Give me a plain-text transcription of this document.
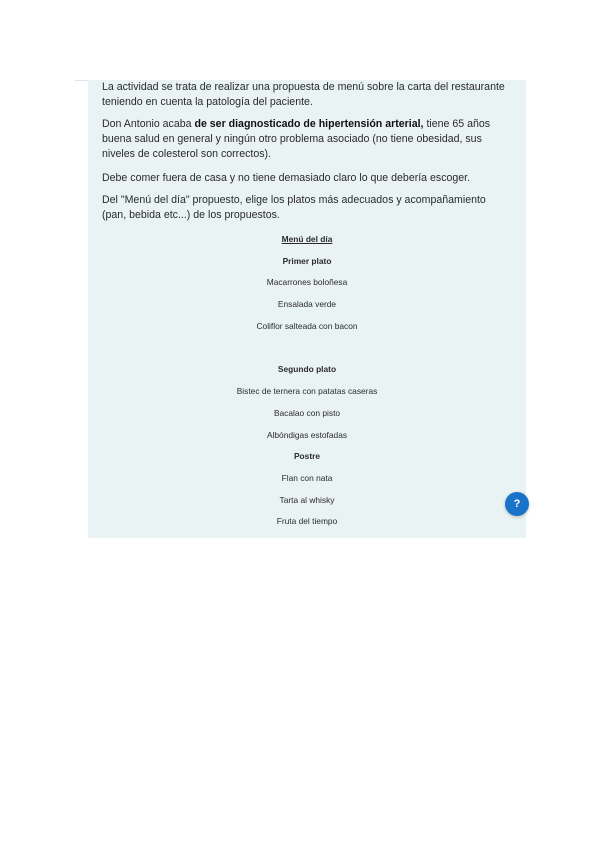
La actividad se trata de realizar una propuesta de menú sobre la carta del restaurante teniendo en cuenta la patología del paciente.

Don Antonio acaba de ser diagnosticado de hipertensión arterial, tiene 65 años buena salud en general y ningún otro problema asociado (no tiene obesidad, sus niveles de colesterol son correctos).

Debe comer fuera de casa y no tiene demasiado claro lo que debería escoger.

Del "Menú del día" propuesto, elige los platos más adecuados y acompañamiento (pan, bebida etc...) de los propuestos.

Menú del día
Primer plato
Macarrones boloñesa
Ensalada verde
Coliflor salteada con bacon
Segundo plato
Bistec de ternera con patatas caseras
Bacalao con pisto
Albóndigas estofadas
Postre
Flan con nata
Tarta al whisky
Fruta del tiempo
?
